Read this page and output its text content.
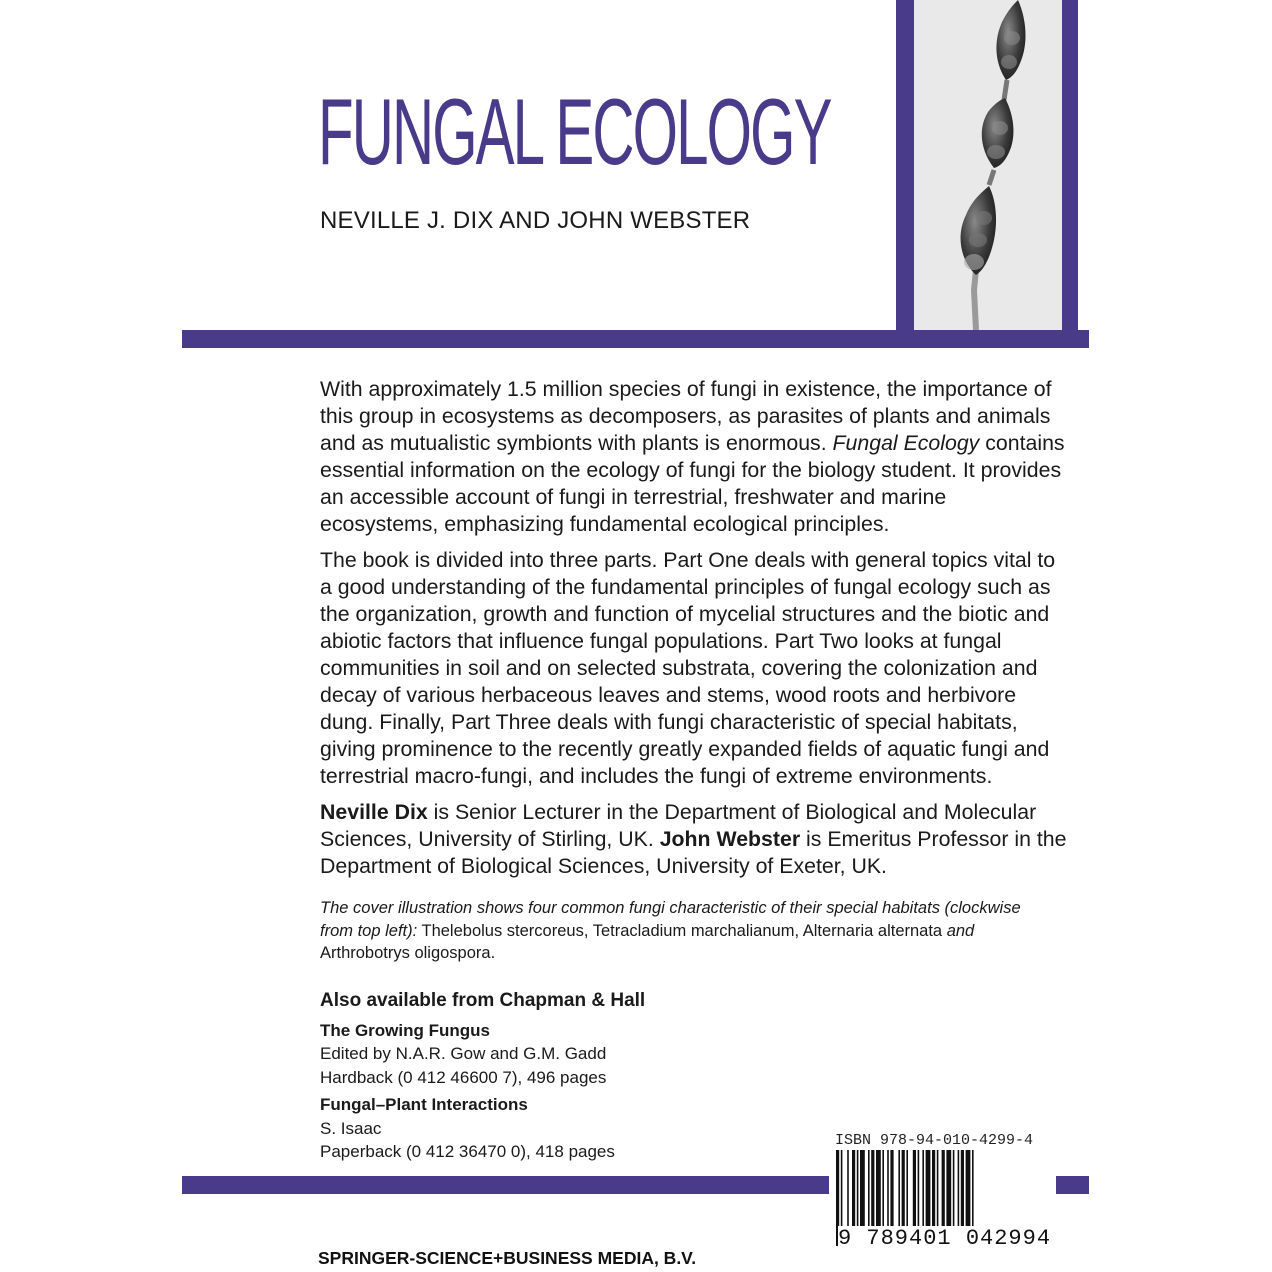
FUNGAL ECOLOGY
NEVILLE J. DIX AND JOHN WEBSTER

With approximately 1.5 million species of fungi in existence, the importance of this group in ecosystems as decomposers, as parasites of plants and animals and as mutualistic symbionts with plants is enormous. Fungal Ecology contains essential information on the ecology of fungi for the biology student. It provides an accessible account of fungi in terrestrial, freshwater and marine ecosystems, emphasizing fundamental ecological principles.

The book is divided into three parts. Part One deals with general topics vital to a good understanding of the fundamental principles of fungal ecology such as the organization, growth and function of mycelial structures and the biotic and abiotic factors that influence fungal populations. Part Two looks at fungal communities in soil and on selected substrata, covering the colonization and decay of various herbaceous leaves and stems, wood roots and herbivore dung. Finally, Part Three deals with fungi characteristic of special habitats, giving prominence to the recently greatly expanded fields of aquatic fungi and terrestrial macro-fungi, and includes the fungi of extreme environments.

Neville Dix is Senior Lecturer in the Department of Biological and Molecular Sciences, University of Stirling, UK. John Webster is Emeritus Professor in the Department of Biological Sciences, University of Exeter, UK.

The cover illustration shows four common fungi characteristic of their special habitats (clockwise from top left): Thelebolus stercoreus, Tetracladium marchalianum, Alternaria alternata and Arthrobotrys oligospora.
Also available from Chapman & Hall
The Growing Fungus
Edited by N.A.R. Gow and G.M. Gadd
Hardback (0 412 46600 7), 496 pages
Fungal–Plant Interactions
S. Isaac
Paperback (0 412 36470 0), 418 pages
ISBN 978-94-010-4299-4
9 789401 042994
SPRINGER-SCIENCE+BUSINESS MEDIA, B.V.
